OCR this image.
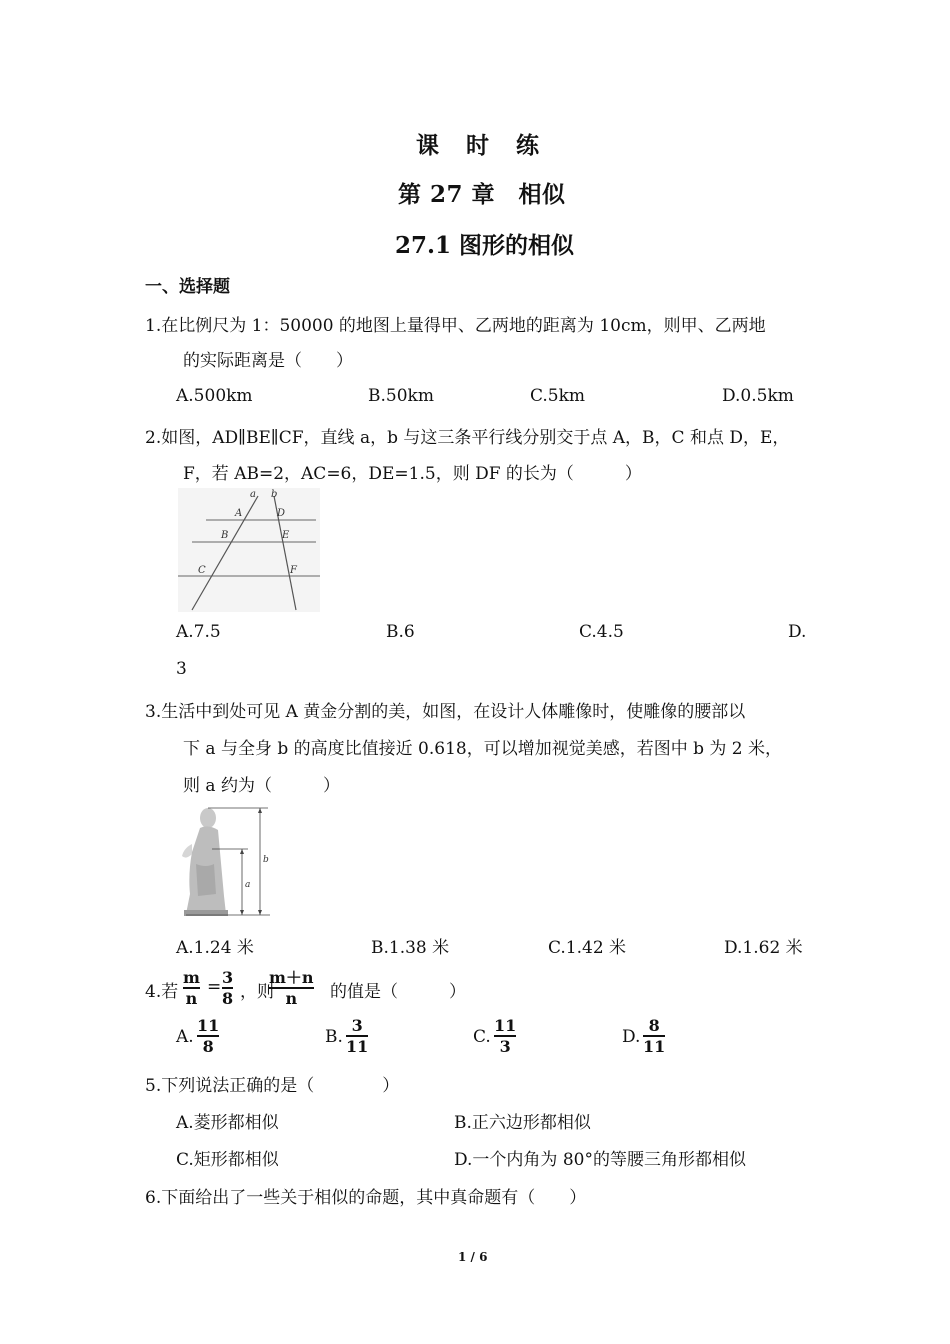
课　时　练
第 27 章　相似
27.1 图形的相似
一、选择题
1.在比例尺为 1：50000 的地图上量得甲、乙两地的距离为 10cm，则甲、乙两地
的实际距离是（　　）
A.500km	B.50km	C.5km	D.0.5km
2.如图，AD∥BE∥CF，直线 a，b 与这三条平行线分别交于点 A，B，C 和点 D，E，
F，若 AB=2，AC=6，DE=1.5，则 DF 的长为（　　　）
a b
A	D
B	E
C	F
A.7.5	B.6	C.4.5	D.
3
3.生活中到处可见 A 黄金分割的美，如图，在设计人体雕像时，使雕像的腰部以
下 a 与全身 b 的高度比值接近 0.618，可以增加视觉美感，若图中 b 为 2 米，
则 a 约为（　　　）
b
a
A.1.24 米	B.1.38 米	C.1.42 米	D.1.62 米
4.若
m
n
= 3
8 ，则
m＋n
n 的值是（　　　）
A.
11
8	B.
3
11	C.
11
3	D.
8
11
5.下列说法正确的是（　　　　）
A.菱形都相似	B.正六边形都相似
C.矩形都相似	D.一个内角为 80°的等腰三角形都相似
6.下面给出了一些关于相似的命题，其中真命题有（　　）
1 / 6
